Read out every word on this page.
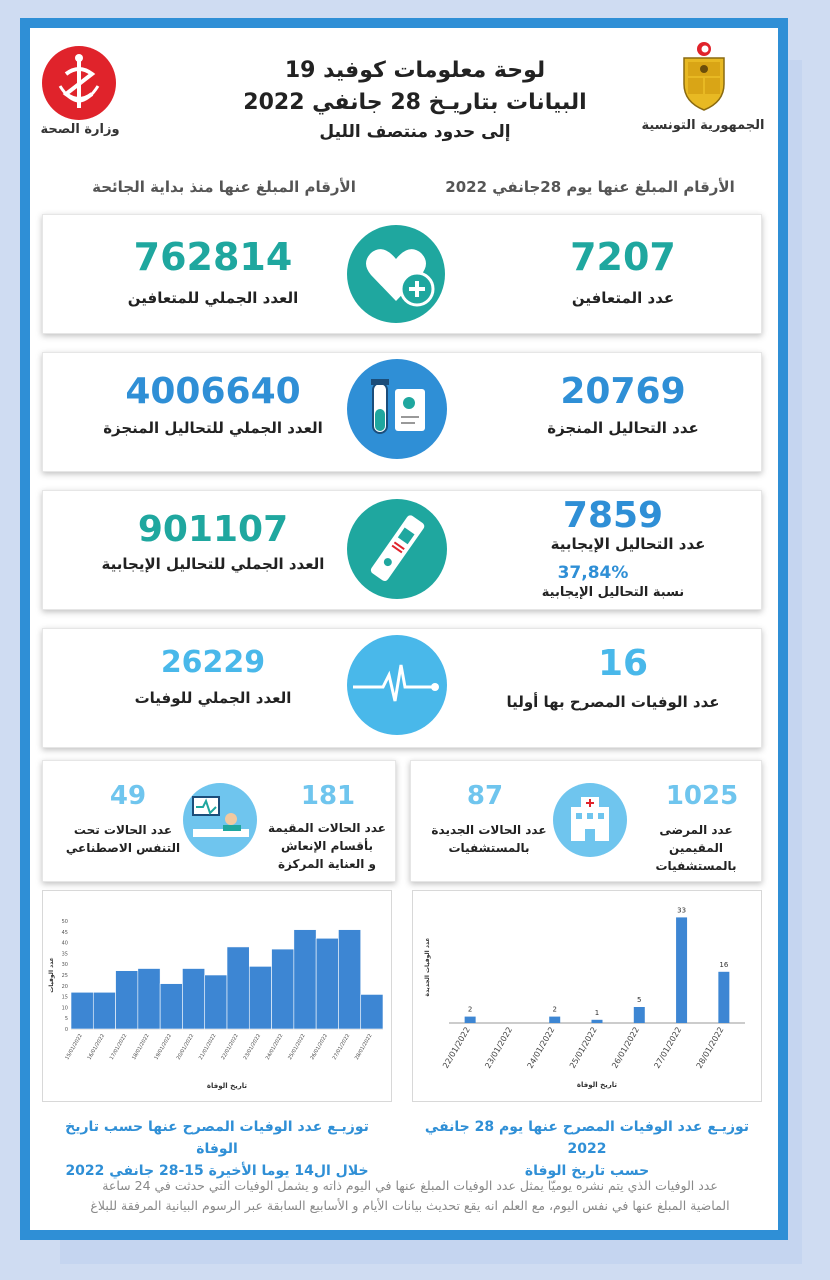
وزارة الصحة	الجمهورية التونسية
لوحة معلومات كوفيد 19
البيانات بتاريـخ 28 جانفي 2022
إلى حدود منتصف الليل
الأرقام المبلغ عنها يوم 28جانفي 2022
الأرقام المبلغ عنها منذ بداية الجائحة
7207
عدد المتعافين
762814
العدد الجملي للمتعافين
20769
عدد التحاليل المنجزة
4006640
العدد الجملي للتحاليل المنجزة
7859
عدد التحاليل الإيجابية
37,84%
نسبة التحاليل الإيجابية
901107
العدد الجملي للتحاليل الإيجابية
16
عدد الوفيات المصرح بها أوليا
26229
العدد الجملي للوفيات
181
عدد الحالات المقيمة
بأقسام الإنعاش
و العناية المركزة
49
عدد الحالات تحت
التنفس الاصطناعي
1025
عدد المرضى المقيمين
بالمستشفيات
87
عدد الحالات الجديدة
بالمستشفيات
0
5
10
15
20
25
30
35
40
45
50
15/01/2022 16/01/2022 17/01/2022 18/01/2022 19/01/2022 20/01/2022 21/01/2022 22/01/2022 23/01/2022 24/01/2022 25/01/2022 26/01/2022 27/01/2022 28/01/2022
تاريخ الوفاة
عدد الوفيات
2
22/01/2022 23/01/2022
2
24/01/2022
1
25/01/2022
5
26/01/2022
33
27/01/2022
16
28/01/2022
تاريخ الوفاة
عدد الوفيات الجديدة
توزيـع عدد الوفيات المصرح عنها حسب تاريخ الوفاة
خلال ال14 يوما الأخيرة 15-28 جانفي 2022
توزيـع عدد الوفيات المصرح عنها يوم 28 جانفي 2022
حسب تاريخ الوفاة
عدد الوفيات الذي يتم نشره يوميّا يمثل عدد الوفيات المبلغ عنها في اليوم ذاته و يشمل الوفيات التي حدثت في 24 ساعة
الماضية المبلغ عنها في نفس اليوم، مع العلم انه يقع تحديث بيانات الأيام و الأسابيع السابقة عبر الرسوم البيانية المرفقة للبلاغ
